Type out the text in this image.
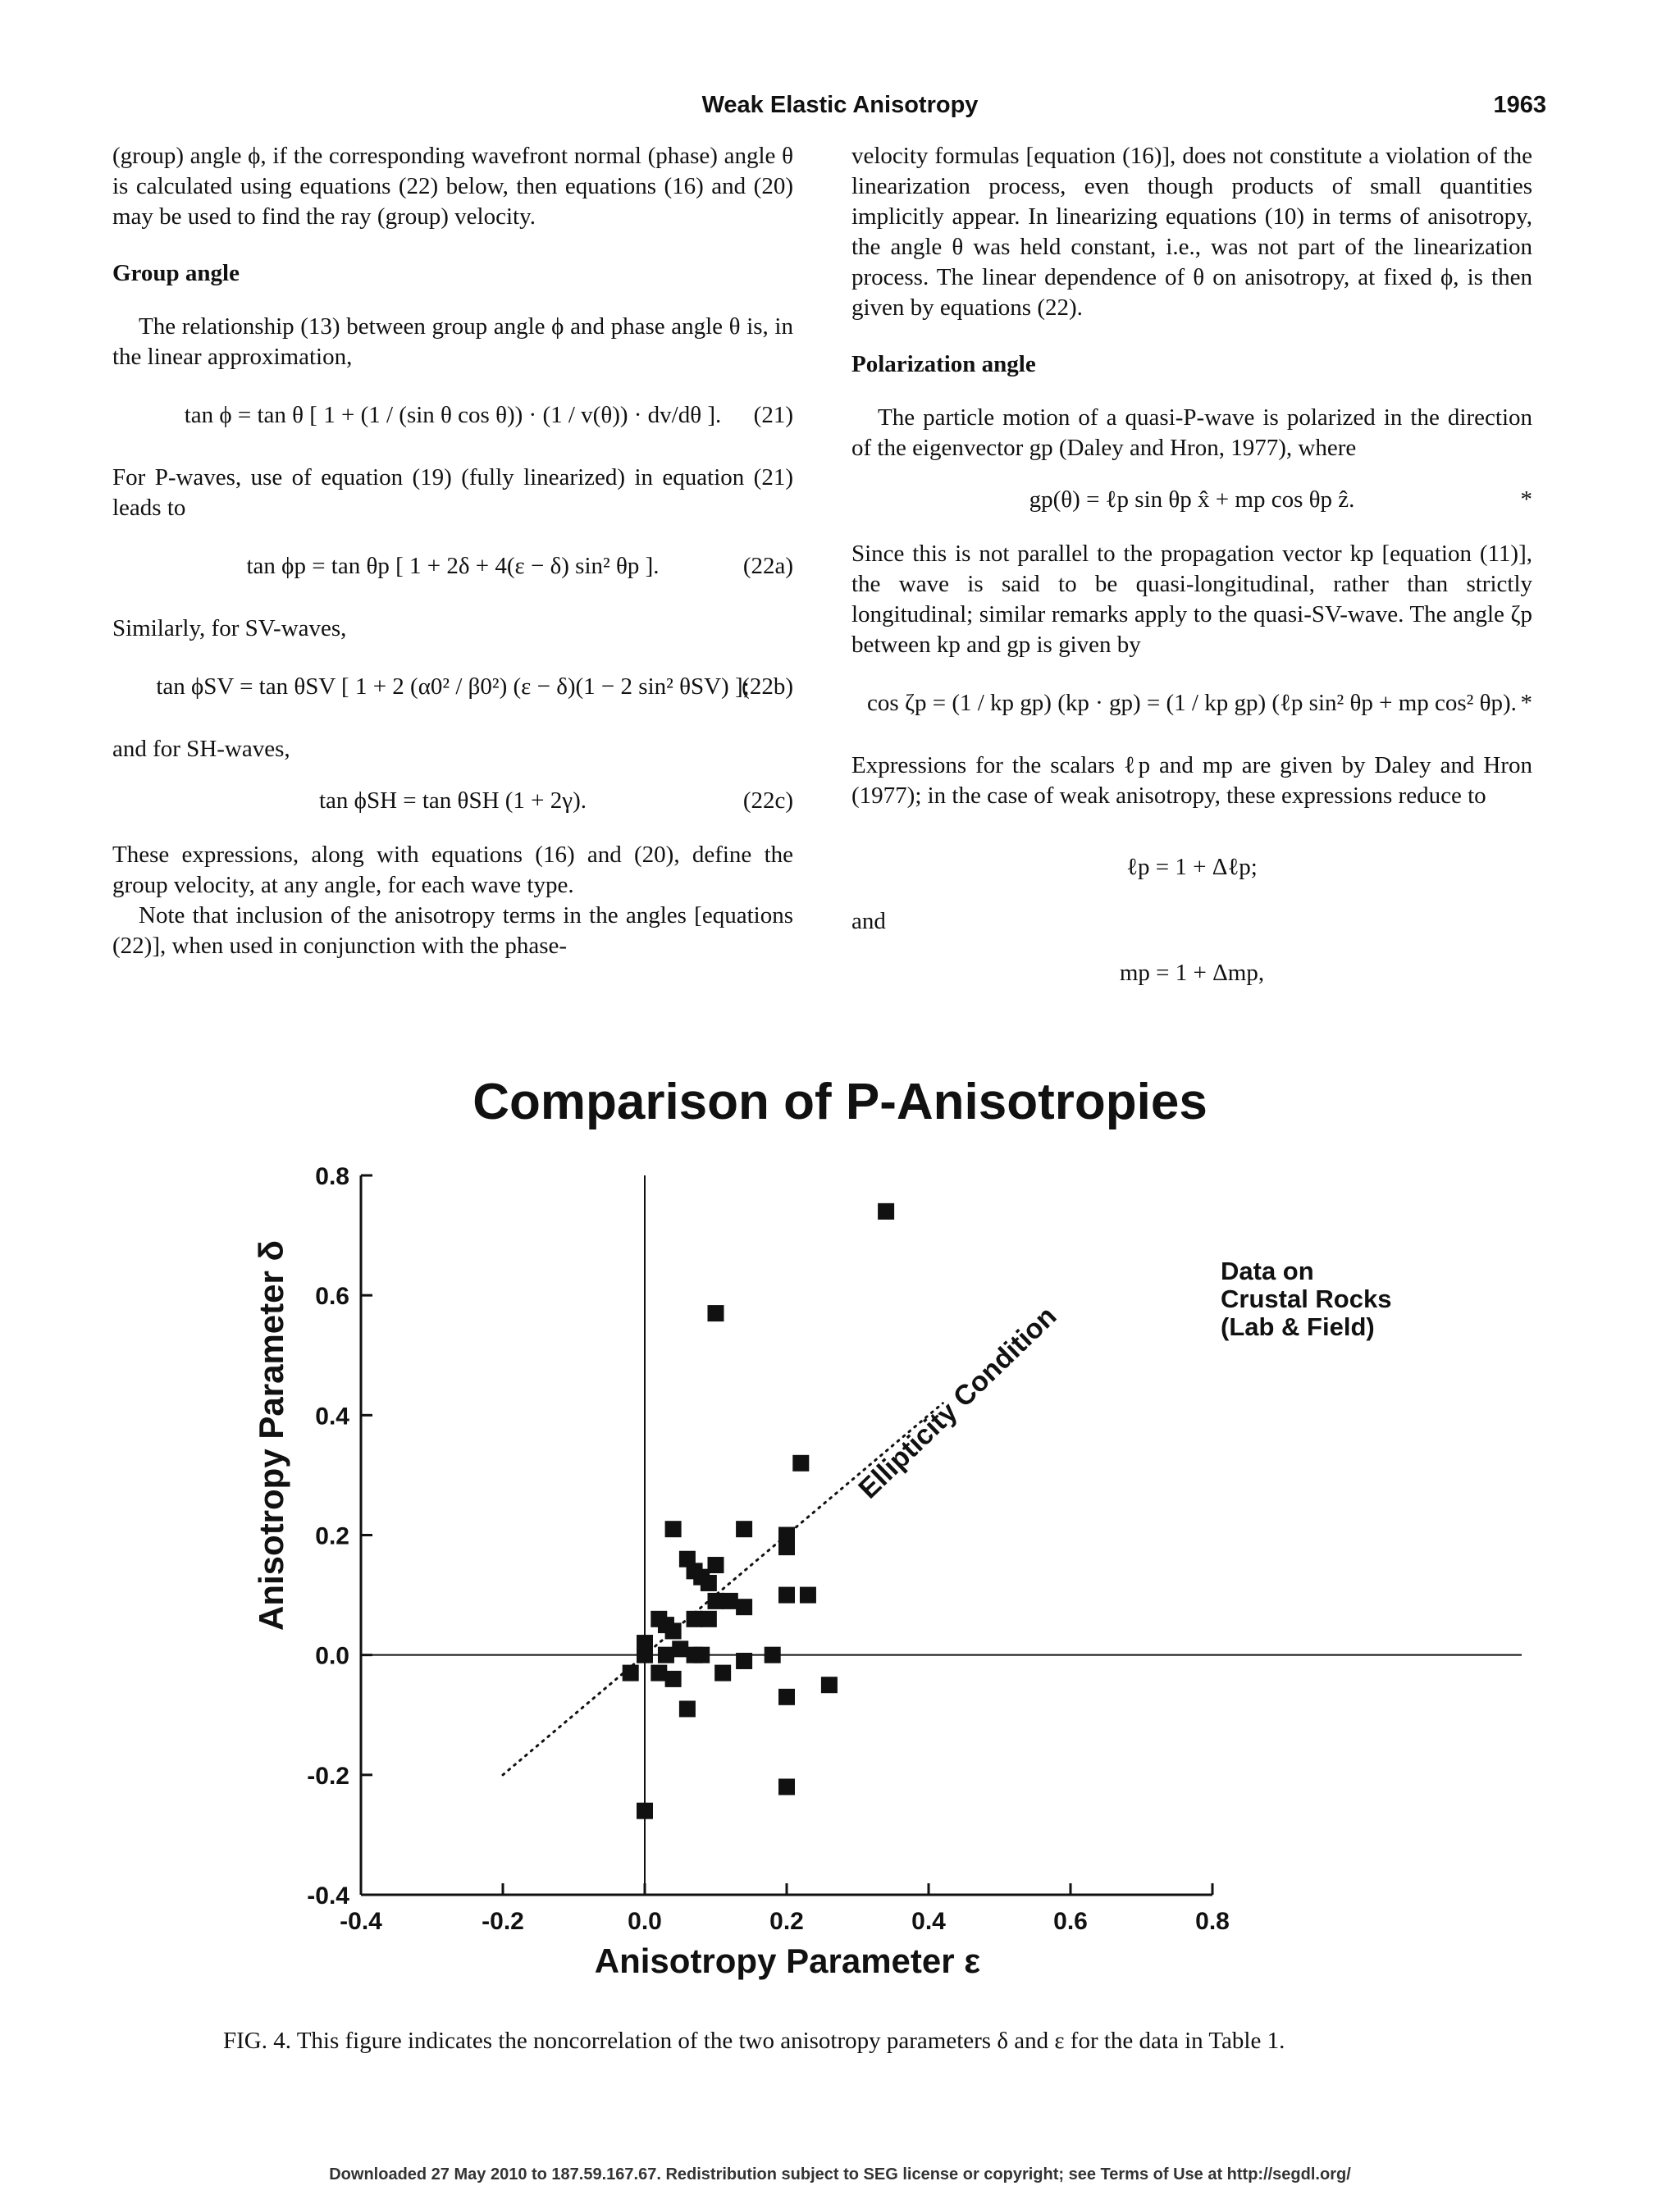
Weak Elastic Anisotropy	1963

(group) angle ϕ, if the corresponding wavefront normal (phase) angle θ is calculated using equations (22) below, then equations (16) and (20) may be used to find the ray (group) velocity.

Group angle

The relationship (13) between group angle ϕ and phase angle θ is, in the linear approximation,

tan ϕ = tan θ [ 1 + (1 / (sin θ cos θ)) · (1 / v(θ)) · dv/dθ ].	(21)

For P-waves, use of equation (19) (fully linearized) in equation (21) leads to

tan ϕp = tan θp [ 1 + 2δ + 4(ε − δ) sin² θp ].	(22a)

Similarly, for SV-waves,

tan ϕSV = tan θSV [ 1 + 2 (α0² / β0²) (ε − δ)(1 − 2 sin² θSV) ];
(22b)

and for SH-waves,

tan ϕSH = tan θSH (1 + 2γ).	(22c)

These expressions, along with equations (16) and (20), define the group velocity, at any angle, for each wave type.

Note that inclusion of the anisotropy terms in the angles [equations (22)], when used in conjunction with the phase-

velocity formulas [equation (16)], does not constitute a violation of the linearization process, even though products of small quantities implicitly appear. In linearizing equations (10) in terms of anisotropy, the angle θ was held constant, i.e., was not part of the linearization process. The linear dependence of θ on anisotropy, at fixed ϕ, is then given by equations (22).

Polarization angle

The particle motion of a quasi-P-wave is polarized in the direction of the eigenvector gp (Daley and Hron, 1977), where

gp(θ) = ℓp sin θp x̂ + mp cos θp ẑ.	*

Since this is not parallel to the propagation vector kp [equation (11)], the wave is said to be quasi-longitudinal, rather than strictly longitudinal; similar remarks apply to the quasi-SV-wave. The angle ζp between kp and gp is given by

cos ζp = (1 / kp gp) (kp · gp) = (1 / kp gp) (ℓp sin² θp + mp cos² θp). *

Expressions for the scalars ℓp and mp are given by Daley and Hron (1977); in the case of weak anisotropy, these expressions reduce to

ℓp = 1 + Δℓp;

and

mp = 1 + Δmp,
Comparison of P-Anisotropies
-0.4	-0.2	0.0	0.2	0.4	0.6	0.8
0.8
0.6
0.4
0.2
0.0
-0.2
-0.4
Anisotropy Parameter δ
Anisotropy Parameter ε
Data on
Crustal Rocks
(Lab & Field)
Ellipticity Condition
FIG. 4. This figure indicates the noncorrelation of the two anisotropy parameters δ and ε for the data in Table 1.
Downloaded 27 May 2010 to 187.59.167.67. Redistribution subject to SEG license or copyright; see Terms of Use at http://segdl.org/
